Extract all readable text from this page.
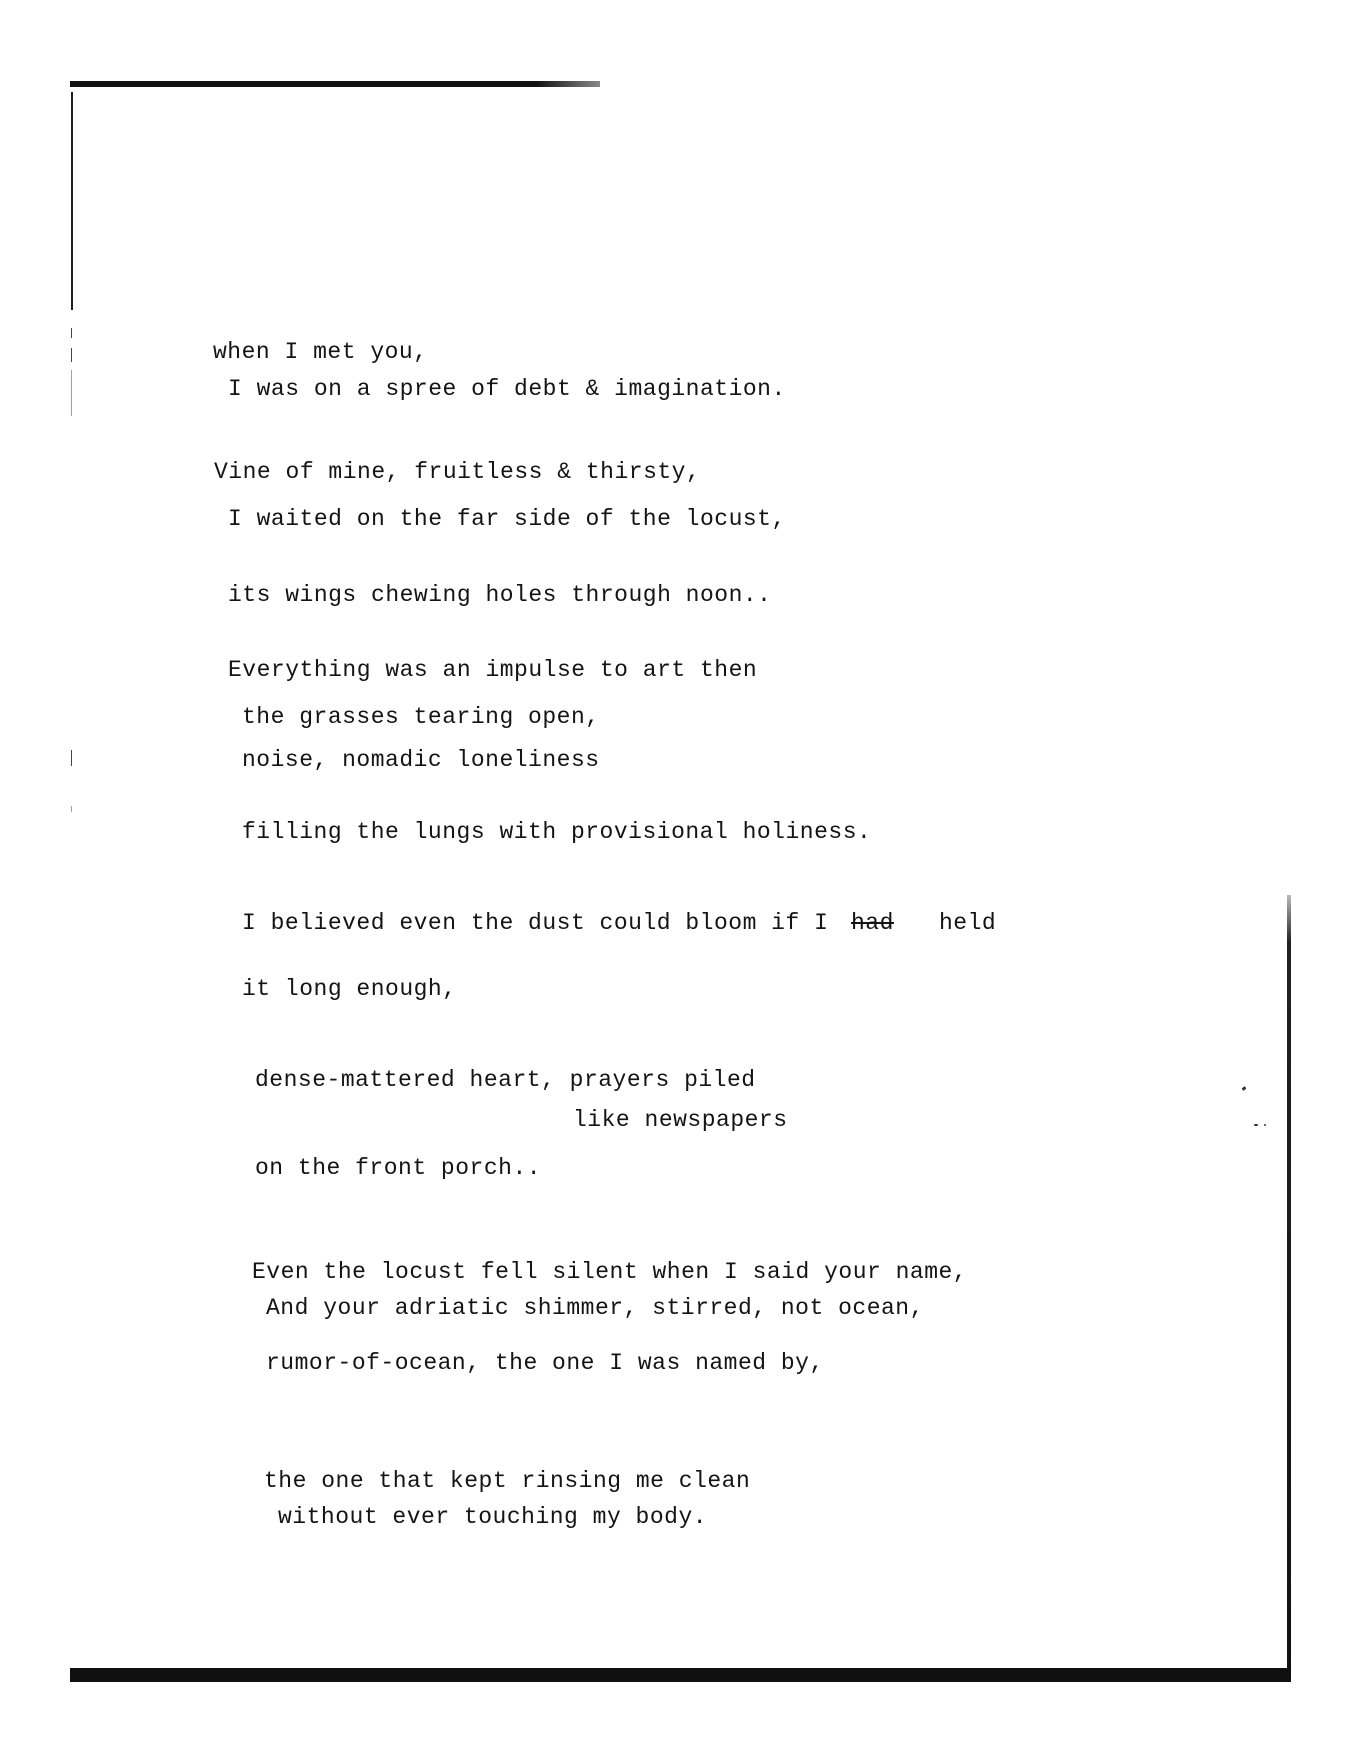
when I met you,
I was on a spree of debt & imagination.
Vine of mine, fruitless & thirsty,
I waited on the far side of the locust,
its wings chewing holes through noon..
Everything was an impulse to art then
the grasses tearing open,
noise, nomadic loneliness
filling the lungs with provisional holiness.
I believed even the dust could bloom if I had held
it long enough,
dense-mattered heart, prayers piled
like newspapers
on the front porch..
Even the locust fell silent when I said your name,
And your adriatic shimmer, stirred, not ocean,
rumor-of-ocean, the one I was named by,
the one that kept rinsing me clean
without ever touching my body.
